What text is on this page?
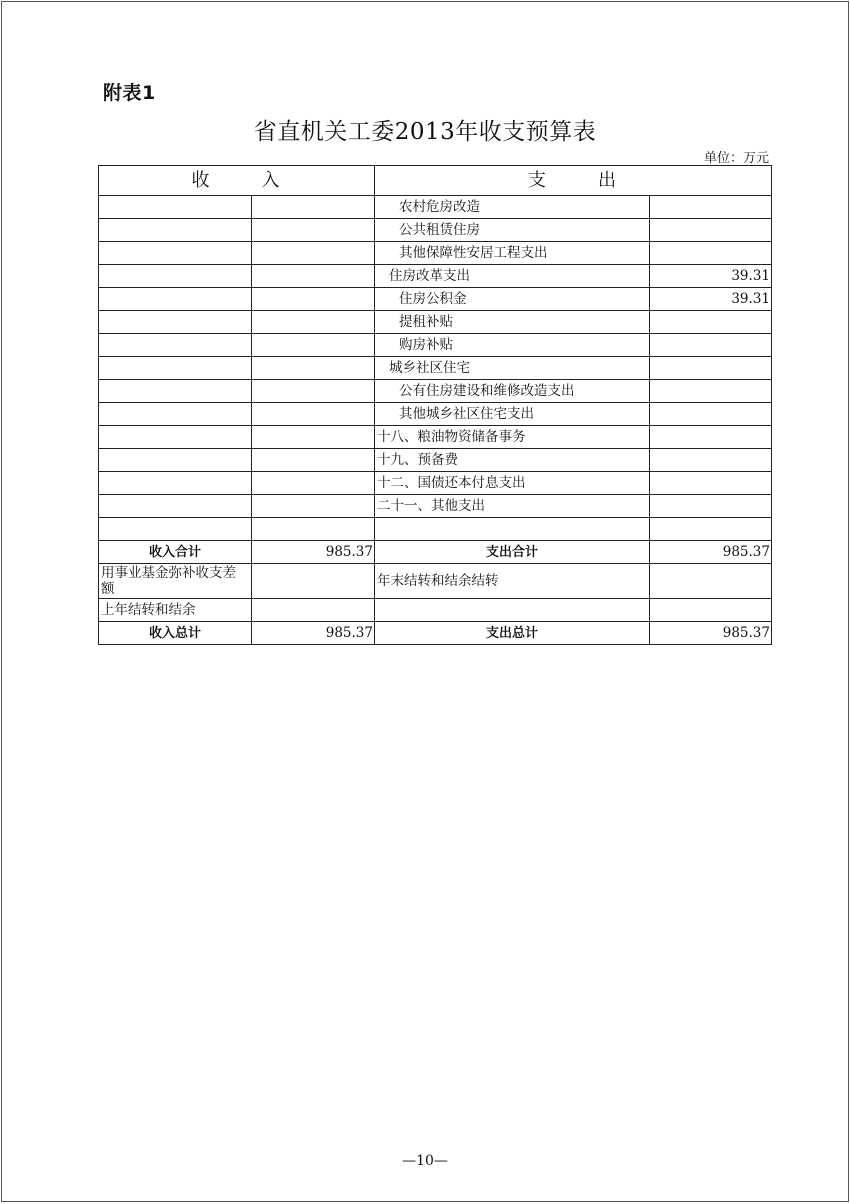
附表1
省直机关工委2013年收支预算表
单位：万元
收 入		支 出	
		农村危房改造	
		公共租赁住房	
		其他保障性安居工程支出	
		住房改革支出	39.31
		住房公积金	39.31
		提租补贴	
		购房补贴	
		城乡社区住宅	
		公有住房建设和维修改造支出	
		其他城乡社区住宅支出	
		十八、粮油物资储备事务	
		十九、预备费	
		十二、国债还本付息支出	
		二十一、其他支出	

收入合计	985.37	支出合计	985.37
用事业基金弥补收支差额		年末结转和结余结转	
上年结转和结余			
收入总计	985.37	支出总计	985.37
—10—
